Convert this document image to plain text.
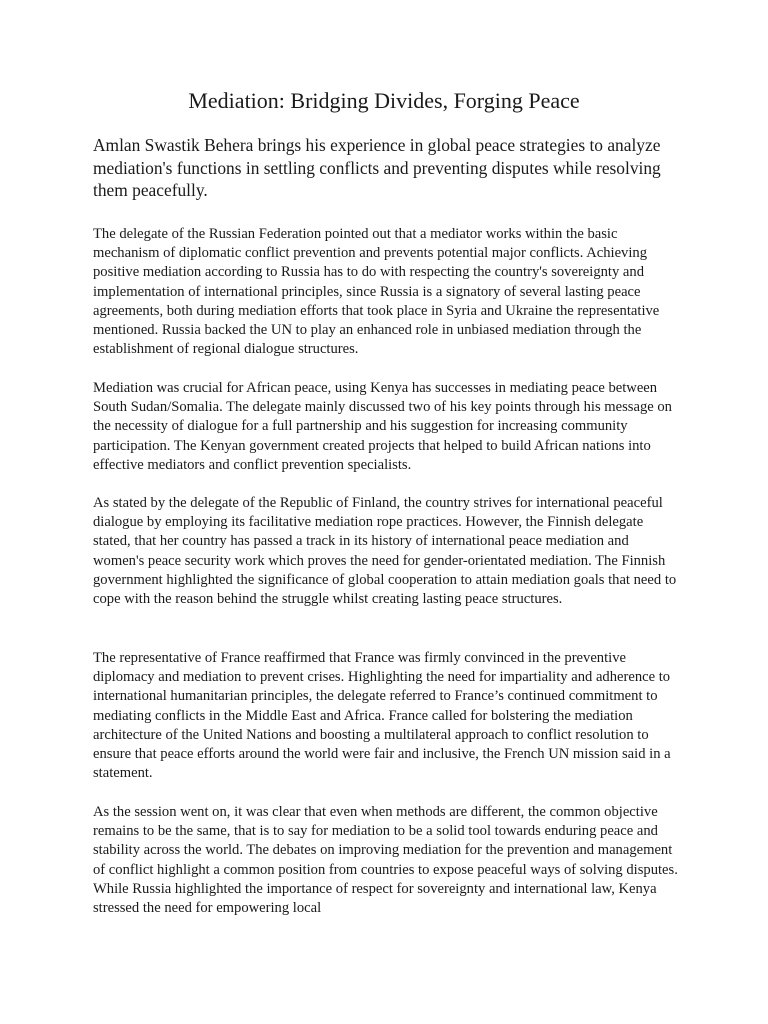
Mediation: Bridging Divides, Forging Peace

Amlan Swastik Behera brings his experience in global peace strategies to analyze mediation's functions in settling conflicts and preventing disputes while resolving them peacefully.

The delegate of the Russian Federation pointed out that a mediator works within the basic mechanism of diplomatic conflict prevention and prevents potential major conflicts. Achieving positive mediation according to Russia has to do with respecting the country's sovereignty and implementation of international principles, since Russia is a signatory of several lasting peace agreements, both during mediation efforts that took place in Syria and Ukraine the representative mentioned. Russia backed the UN to play an enhanced role in unbiased mediation through the establishment of regional dialogue structures.

Mediation was crucial for African peace, using Kenya has successes in mediating peace between South Sudan/Somalia. The delegate mainly discussed two of his key points through his message on the necessity of dialogue for a full partnership and his suggestion for increasing community participation. The Kenyan government created projects that helped to build African nations into effective mediators and conflict prevention specialists.

As stated by the delegate of the Republic of Finland, the country strives for international peaceful dialogue by employing its facilitative mediation rope practices. However, the Finnish delegate stated, that her country has passed a track in its history of international peace mediation and women's peace security work which proves the need for gender-orientated mediation. The Finnish government highlighted the significance of global cooperation to attain mediation goals that need to cope with the reason behind the struggle whilst creating lasting peace structures.

The representative of France reaffirmed that France was firmly convinced in the preventive diplomacy and mediation to prevent crises. Highlighting the need for impartiality and adherence to international humanitarian principles, the delegate referred to France’s continued commitment to mediating conflicts in the Middle East and Africa. France called for bolstering the mediation architecture of the United Nations and boosting a multilateral approach to conflict resolution to ensure that peace efforts around the world were fair and inclusive, the French UN mission said in a statement.

As the session went on, it was clear that even when methods are different, the common objective remains to be the same, that is to say for mediation to be a solid tool towards enduring peace and stability across the world. The debates on improving mediation for the prevention and management of conflict highlight a common position from countries to expose peaceful ways of solving disputes. While Russia highlighted the importance of respect for sovereignty and international law, Kenya stressed the need for empowering local
